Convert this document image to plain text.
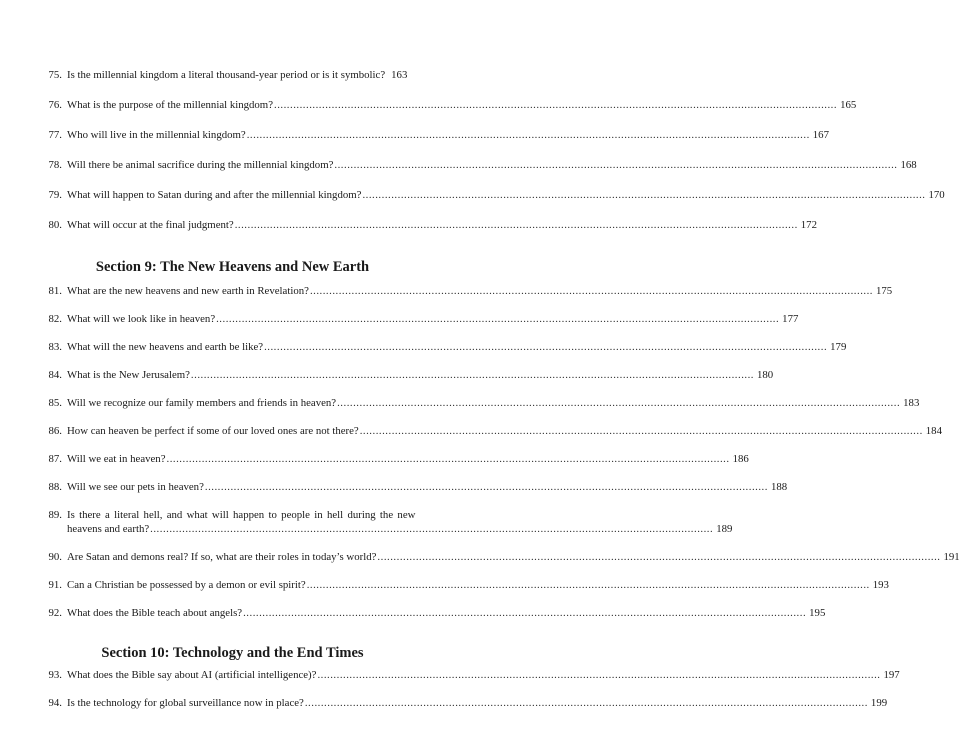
75. Is the millennial kingdom a literal thousand-year period or is it symbolic? 163
76. What is the purpose of the millennial kingdom? .....	165
77. Who will live in the millennial kingdom? .....	167
78. Will there be animal sacrifice during the millennial kingdom? .....	168
79. What will happen to Satan during and after the millennial kingdom? .....	170
80. What will occur at the final judgment? .....	172
Section 9: The New Heavens and New Earth
81. What are the new heavens and new earth in Revelation? .....	175
82. What will we look like in heaven? .....	177
83. What will the new heavens and earth be like? .....	179
84. What is the New Jerusalem? .....	180
85. Will we recognize our family members and friends in heaven? .....	183
86. How can heaven be perfect if some of our loved ones are not there? .....	184
87. Will we eat in heaven? .....	186
88. Will we see our pets in heaven? .....	188
89. Is there a literal hell, and what will happen to people in hell during the new
heavens and earth? .....	189
90. Are Satan and demons real? If so, what are their roles in today’s world? .....	191
91. Can a Christian be possessed by a demon or evil spirit? .....	193
92. What does the Bible teach about angels? .....	195
Section 10: Technology and the End Times
93. What does the Bible say about AI (artificial intelligence)? .....	197
94. Is the technology for global surveillance now in place? .....	199
